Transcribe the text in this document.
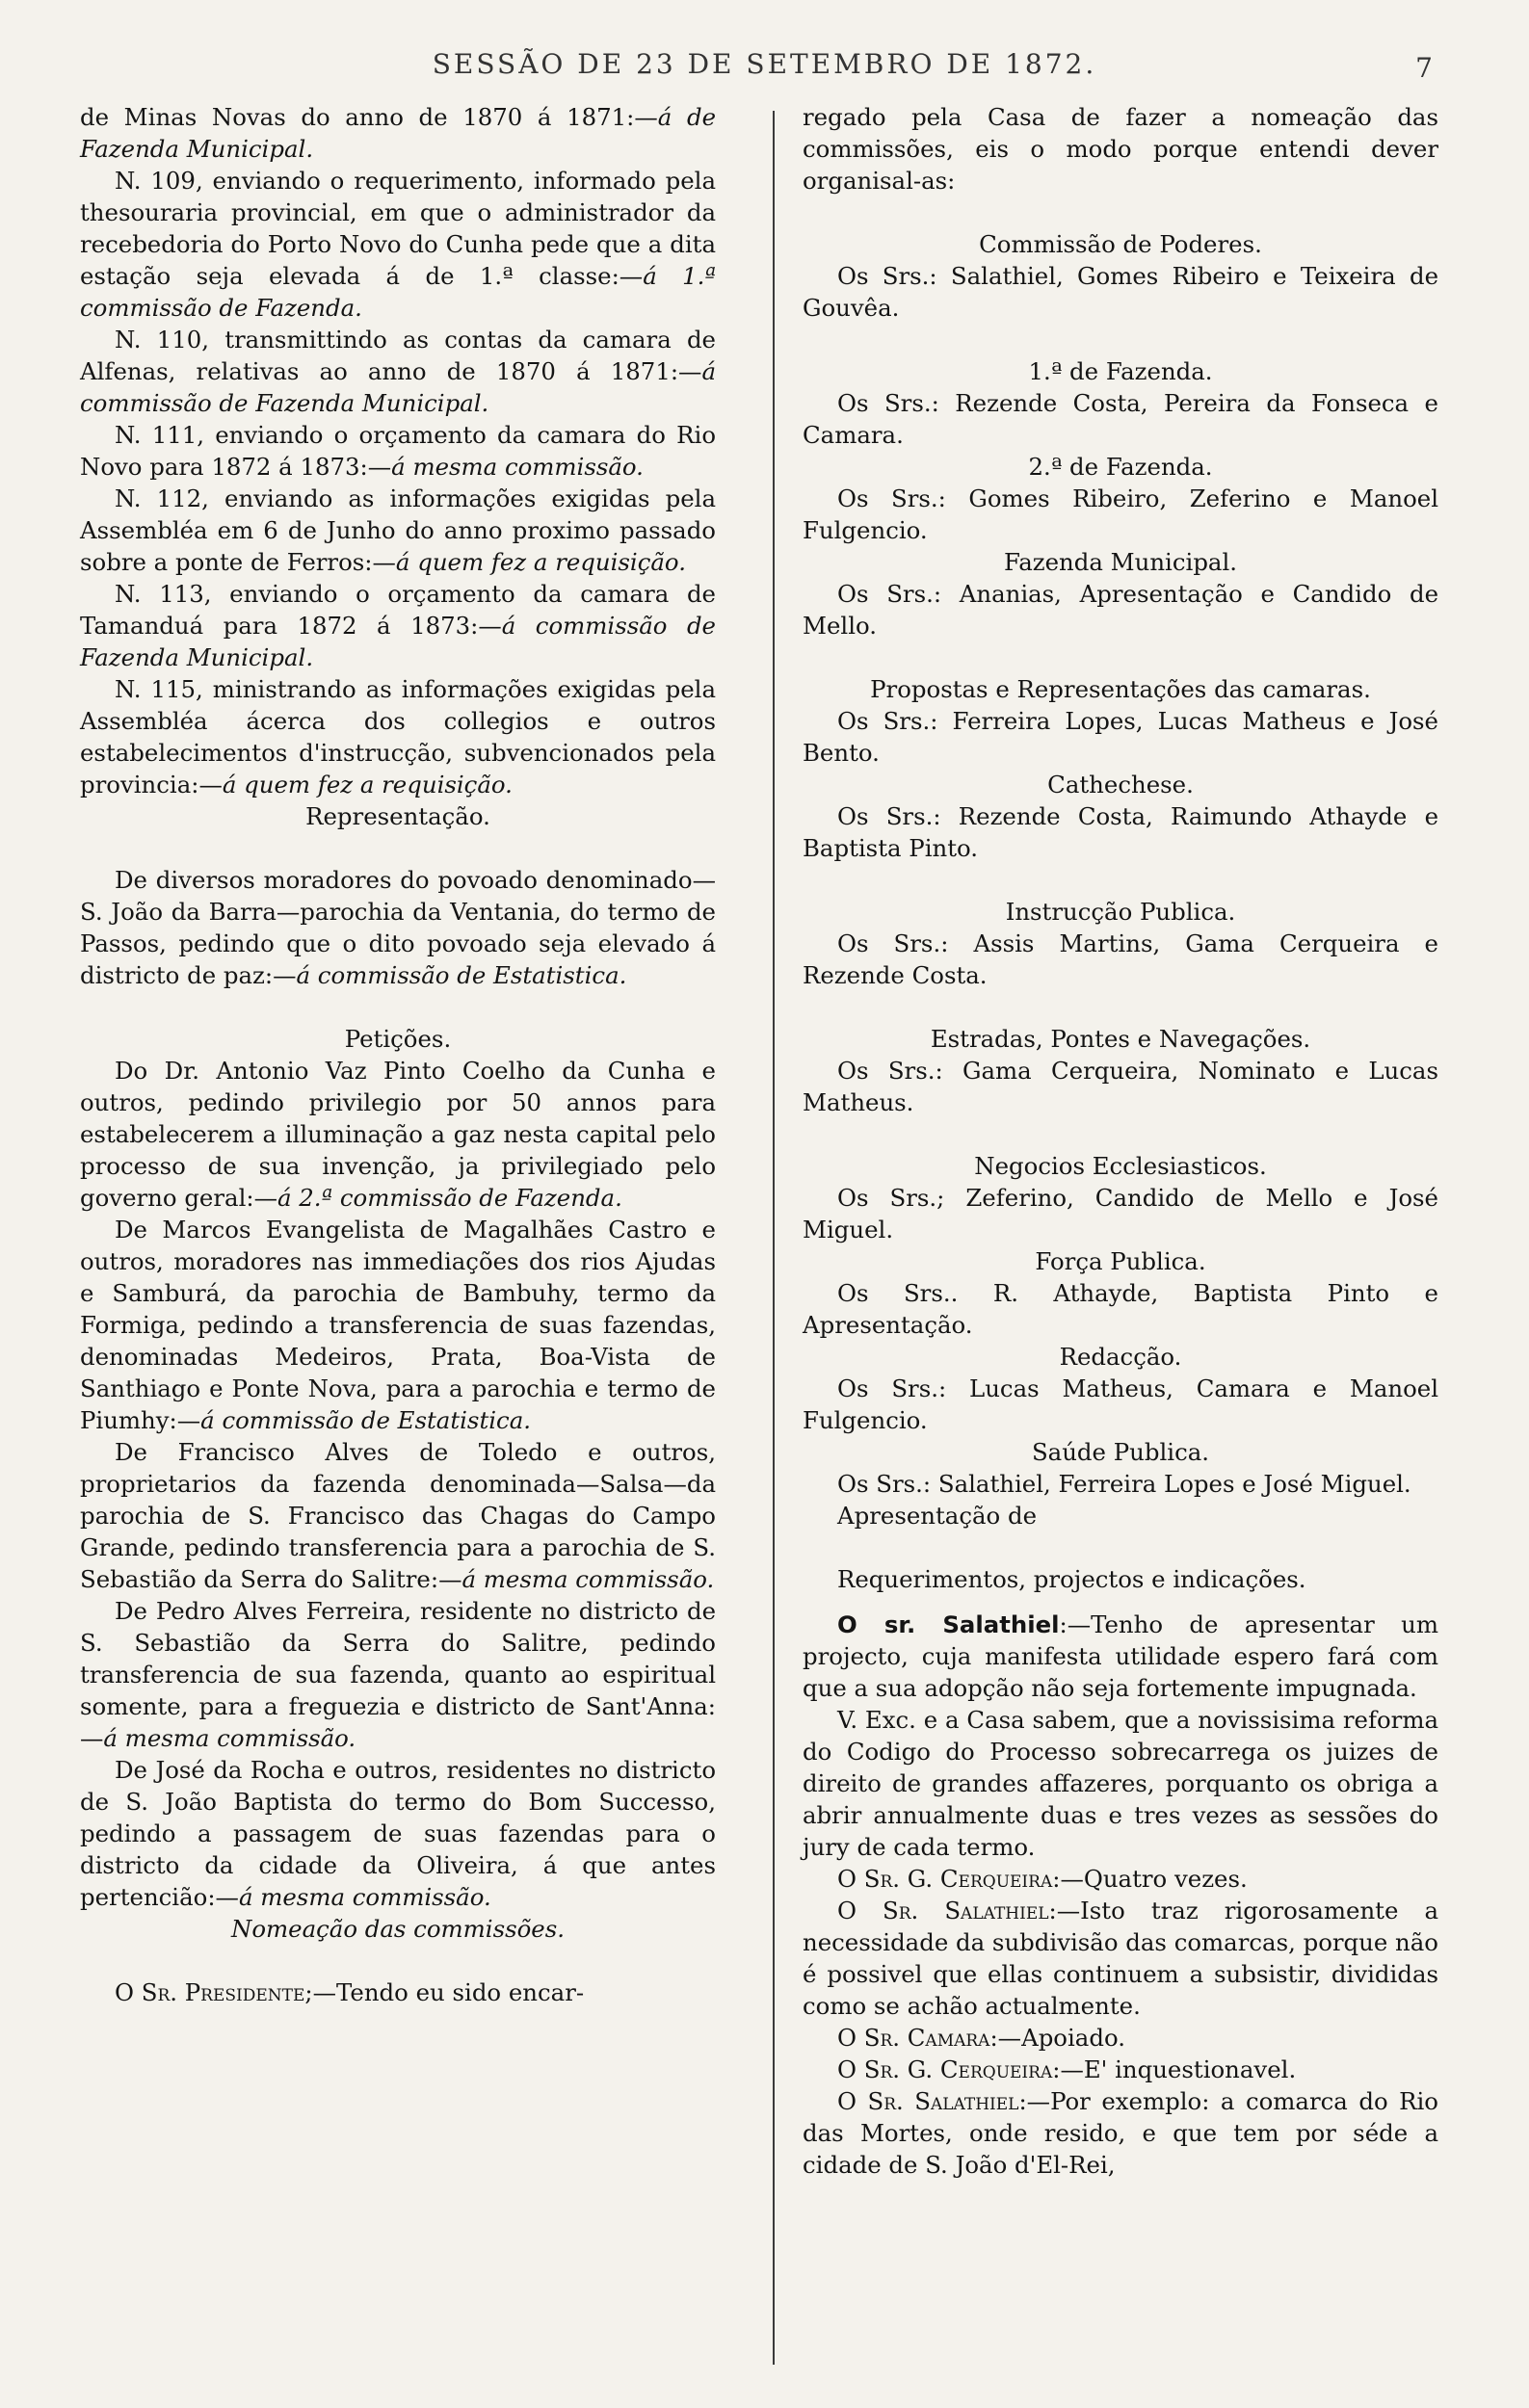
SESSÃO DE 23 DE SETEMBRO DE 1872.	7

de Minas Novas do anno de 1870 á 1871:—á de Fazenda Municipal.

N. 109, enviando o requerimento, informado pela thesouraria provincial, em que o administrador da recebedoria do Porto Novo do Cunha pede que a dita estação seja elevada á de 1.ª classe:—á 1.ª commissão de Fazenda.

N. 110, transmittindo as contas da camara de Alfenas, relativas ao anno de 1870 á 1871:—á commissão de Fazenda Municipal.

N. 111, enviando o orçamento da camara do Rio Novo para 1872 á 1873:—á mesma commissão.

N. 112, enviando as informações exigidas pela Assembléa em 6 de Junho do anno proximo passado sobre a ponte de Ferros:—á quem fez a requisição.

N. 113, enviando o orçamento da camara de Tamanduá para 1872 á 1873:—á commissão de Fazenda Municipal.

N. 115, ministrando as informações exigidas pela Assembléa ácerca dos collegios e outros estabelecimentos d'instrucção, subvencionados pela provincia:—á quem fez a requisição.

Representação.

De diversos moradores do povoado denominado—S. João da Barra—parochia da Ventania, do termo de Passos, pedindo que o dito povoado seja elevado á districto de paz:—á commissão de Estatistica.

Petições.

Do Dr. Antonio Vaz Pinto Coelho da Cunha e outros, pedindo privilegio por 50 annos para estabelecerem a illuminação a gaz nesta capital pelo processo de sua invenção, ja privilegiado pelo governo geral:—á 2.ª commissão de Fazenda.

De Marcos Evangelista de Magalhães Castro e outros, moradores nas immediações dos rios Ajudas e Samburá, da parochia de Bambuhy, termo da Formiga, pedindo a transferencia de suas fazendas, denominadas Medeiros, Prata, Boa-Vista de Santhiago e Ponte Nova, para a parochia e termo de Piumhy:—á commissão de Estatistica.

De Francisco Alves de Toledo e outros, proprietarios da fazenda denominada—Salsa—da parochia de S. Francisco das Chagas do Campo Grande, pedindo transferencia para a parochia de S. Sebastião da Serra do Salitre:—á mesma commissão.

De Pedro Alves Ferreira, residente no districto de S. Sebastião da Serra do Salitre, pedindo transferencia de sua fazenda, quanto ao espiritual somente, para a freguezia e districto de Sant'Anna:—á mesma commissão.

De José da Rocha e outros, residentes no districto de S. João Baptista do termo do Bom Successo, pedindo a passagem de suas fazendas para o districto da cidade da Oliveira, á que antes pertencião:—á mesma commissão.

Nomeação das commissões.

O Sr. Presidente;—Tendo eu sido encar-

regado pela Casa de fazer a nomeação das commissões, eis o modo porque entendi dever organisal-as:

Commissão de Poderes.

Os Srs.: Salathiel, Gomes Ribeiro e Teixeira de Gouvêa.

1.ª de Fazenda.

Os Srs.: Rezende Costa, Pereira da Fonseca e Camara.

2.ª de Fazenda.

Os Srs.: Gomes Ribeiro, Zeferino e Manoel Fulgencio.

Fazenda Municipal.

Os Srs.: Ananias, Apresentação e Candido de Mello.

Propostas e Representações das camaras.

Os Srs.: Ferreira Lopes, Lucas Matheus e José Bento.

Cathechese.

Os Srs.: Rezende Costa, Raimundo Athayde e Baptista Pinto.

Instrucção Publica.

Os Srs.: Assis Martins, Gama Cerqueira e Rezende Costa.

Estradas, Pontes e Navegações.

Os Srs.: Gama Cerqueira, Nominato e Lucas Matheus.

Negocios Ecclesiasticos.

Os Srs.; Zeferino, Candido de Mello e José Miguel.

Força Publica.

Os Srs.. R. Athayde, Baptista Pinto e Apresentação.

Redacção.

Os Srs.: Lucas Matheus, Camara e Manoel Fulgencio.

Saúde Publica.

Os Srs.: Salathiel, Ferreira Lopes e José Miguel.

Apresentação de

Requerimentos, projectos e indicações.

O sr. Salathiel:—Tenho de apresentar um projecto, cuja manifesta utilidade espero fará com que a sua adopção não seja fortemente impugnada.

V. Exc. e a Casa sabem, que a novissisima reforma do Codigo do Processo sobrecarrega os juizes de direito de grandes affazeres, porquanto os obriga a abrir annualmente duas e tres vezes as sessões do jury de cada termo.

O Sr. G. Cerqueira:—Quatro vezes.

O Sr. Salathiel:—Isto traz rigorosamente a necessidade da subdivisão das comarcas, porque não é possivel que ellas continuem a subsistir, divididas como se achão actualmente.

O Sr. Camara:—Apoiado.

O Sr. G. Cerqueira:—E' inquestionavel.

O Sr. Salathiel:—Por exemplo: a comarca do Rio das Mortes, onde resido, e que tem por séde a cidade de S. João d'El-Rei,
